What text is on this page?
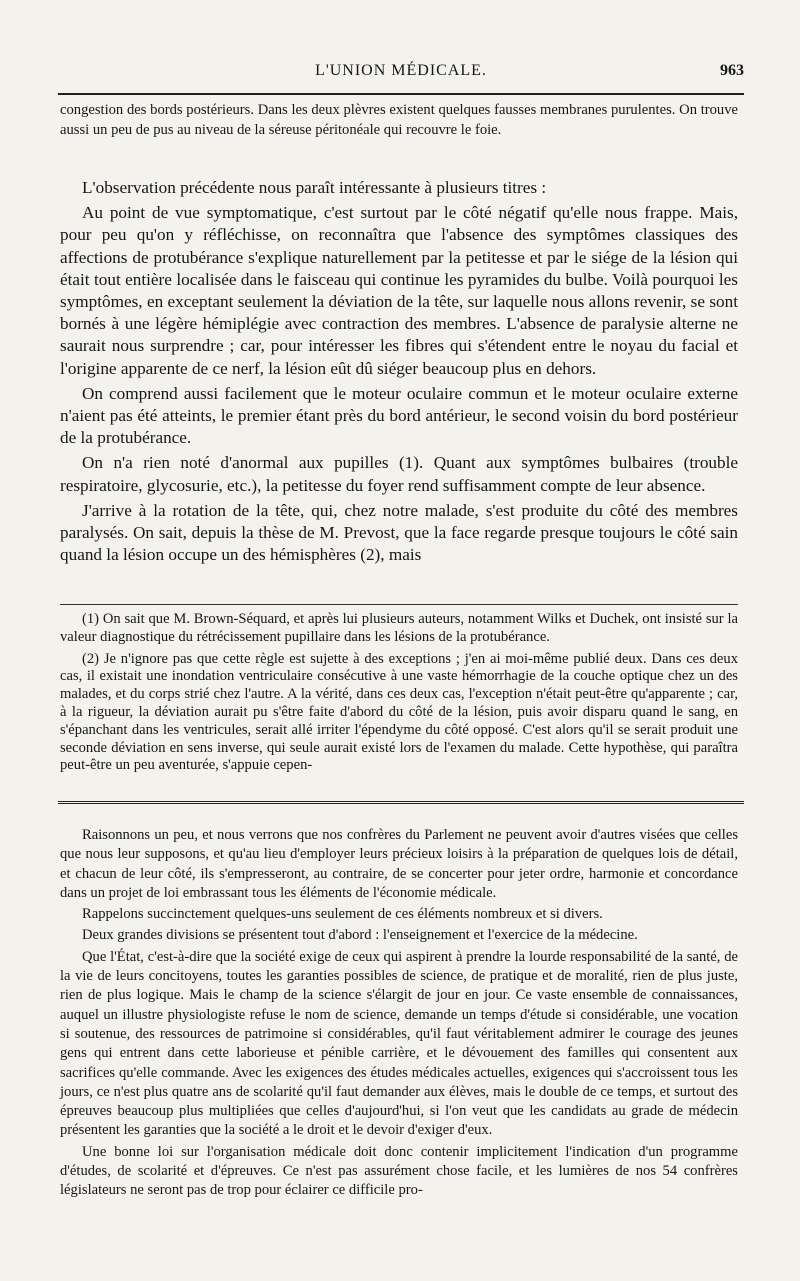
L'UNION MÉDICALE.	963

congestion des bords postérieurs. Dans les deux plèvres existent quelques fausses membranes purulentes. On trouve aussi un peu de pus au niveau de la séreuse péritonéale qui recouvre le foie.

L'observation précédente nous paraît intéressante à plusieurs titres :

Au point de vue symptomatique, c'est surtout par le côté négatif qu'elle nous frappe. Mais, pour peu qu'on y réfléchisse, on reconnaîtra que l'absence des symptômes classiques des affections de protubérance s'explique naturellement par la petitesse et par le siége de la lésion qui était tout entière localisée dans le faisceau qui continue les pyramides du bulbe. Voilà pourquoi les symptômes, en exceptant seulement la déviation de la tête, sur laquelle nous allons revenir, se sont bornés à une légère hémiplégie avec contraction des membres. L'absence de paralysie alterne ne saurait nous surprendre ; car, pour intéresser les fibres qui s'étendent entre le noyau du facial et l'origine apparente de ce nerf, la lésion eût dû siéger beaucoup plus en dehors.

On comprend aussi facilement que le moteur oculaire commun et le moteur oculaire externe n'aient pas été atteints, le premier étant près du bord antérieur, le second voisin du bord postérieur de la protubérance.

On n'a rien noté d'anormal aux pupilles (1). Quant aux symptômes bulbaires (trouble respiratoire, glycosurie, etc.), la petitesse du foyer rend suffisamment compte de leur absence.

J'arrive à la rotation de la tête, qui, chez notre malade, s'est produite du côté des membres paralysés. On sait, depuis la thèse de M. Prevost, que la face regarde presque toujours le côté sain quand la lésion occupe un des hémisphères (2), mais

(1) On sait que M. Brown-Séquard, et après lui plusieurs auteurs, notamment Wilks et Duchek, ont insisté sur la valeur diagnostique du rétrécissement pupillaire dans les lésions de la protubérance.

(2) Je n'ignore pas que cette règle est sujette à des exceptions ; j'en ai moi-même publié deux. Dans ces deux cas, il existait une inondation ventriculaire consécutive à une vaste hémorrhagie de la couche optique chez un des malades, et du corps strié chez l'autre. A la vérité, dans ces deux cas, l'exception n'était peut-être qu'apparente ; car, à la rigueur, la déviation aurait pu s'être faite d'abord du côté de la lésion, puis avoir disparu quand le sang, en s'épanchant dans les ventricules, serait allé irriter l'épendyme du côté opposé. C'est alors qu'il se serait produit une seconde déviation en sens inverse, qui seule aurait existé lors de l'examen du malade. Cette hypothèse, qui paraîtra peut-être un peu aventurée, s'appuie cepen-

Raisonnons un peu, et nous verrons que nos confrères du Parlement ne peuvent avoir d'autres visées que celles que nous leur supposons, et qu'au lieu d'employer leurs précieux loisirs à la préparation de quelques lois de détail, et chacun de leur côté, ils s'empresseront, au contraire, de se concerter pour jeter ordre, harmonie et concordance dans un projet de loi embrassant tous les éléments de l'économie médicale.

Rappelons succinctement quelques-uns seulement de ces éléments nombreux et si divers.

Deux grandes divisions se présentent tout d'abord : l'enseignement et l'exercice de la médecine.

Que l'État, c'est-à-dire que la société exige de ceux qui aspirent à prendre la lourde responsabilité de la santé, de la vie de leurs concitoyens, toutes les garanties possibles de science, de pratique et de moralité, rien de plus juste, rien de plus logique. Mais le champ de la science s'élargit de jour en jour. Ce vaste ensemble de connaissances, auquel un illustre physiologiste refuse le nom de science, demande un temps d'étude si considérable, une vocation si soutenue, des ressources de patrimoine si considérables, qu'il faut véritablement admirer le courage des jeunes gens qui entrent dans cette laborieuse et pénible carrière, et le dévouement des familles qui consentent aux sacrifices qu'elle commande. Avec les exigences des études médicales actuelles, exigences qui s'accroissent tous les jours, ce n'est plus quatre ans de scolarité qu'il faut demander aux élèves, mais le double de ce temps, et surtout des épreuves beaucoup plus multipliées que celles d'aujourd'hui, si l'on veut que les candidats au grade de médecin présentent les garanties que la société a le droit et le devoir d'exiger d'eux.

Une bonne loi sur l'organisation médicale doit donc contenir implicitement l'indication d'un programme d'études, de scolarité et d'épreuves. Ce n'est pas assurément chose facile, et les lumières de nos 54 confrères législateurs ne seront pas de trop pour éclairer ce difficile pro-
